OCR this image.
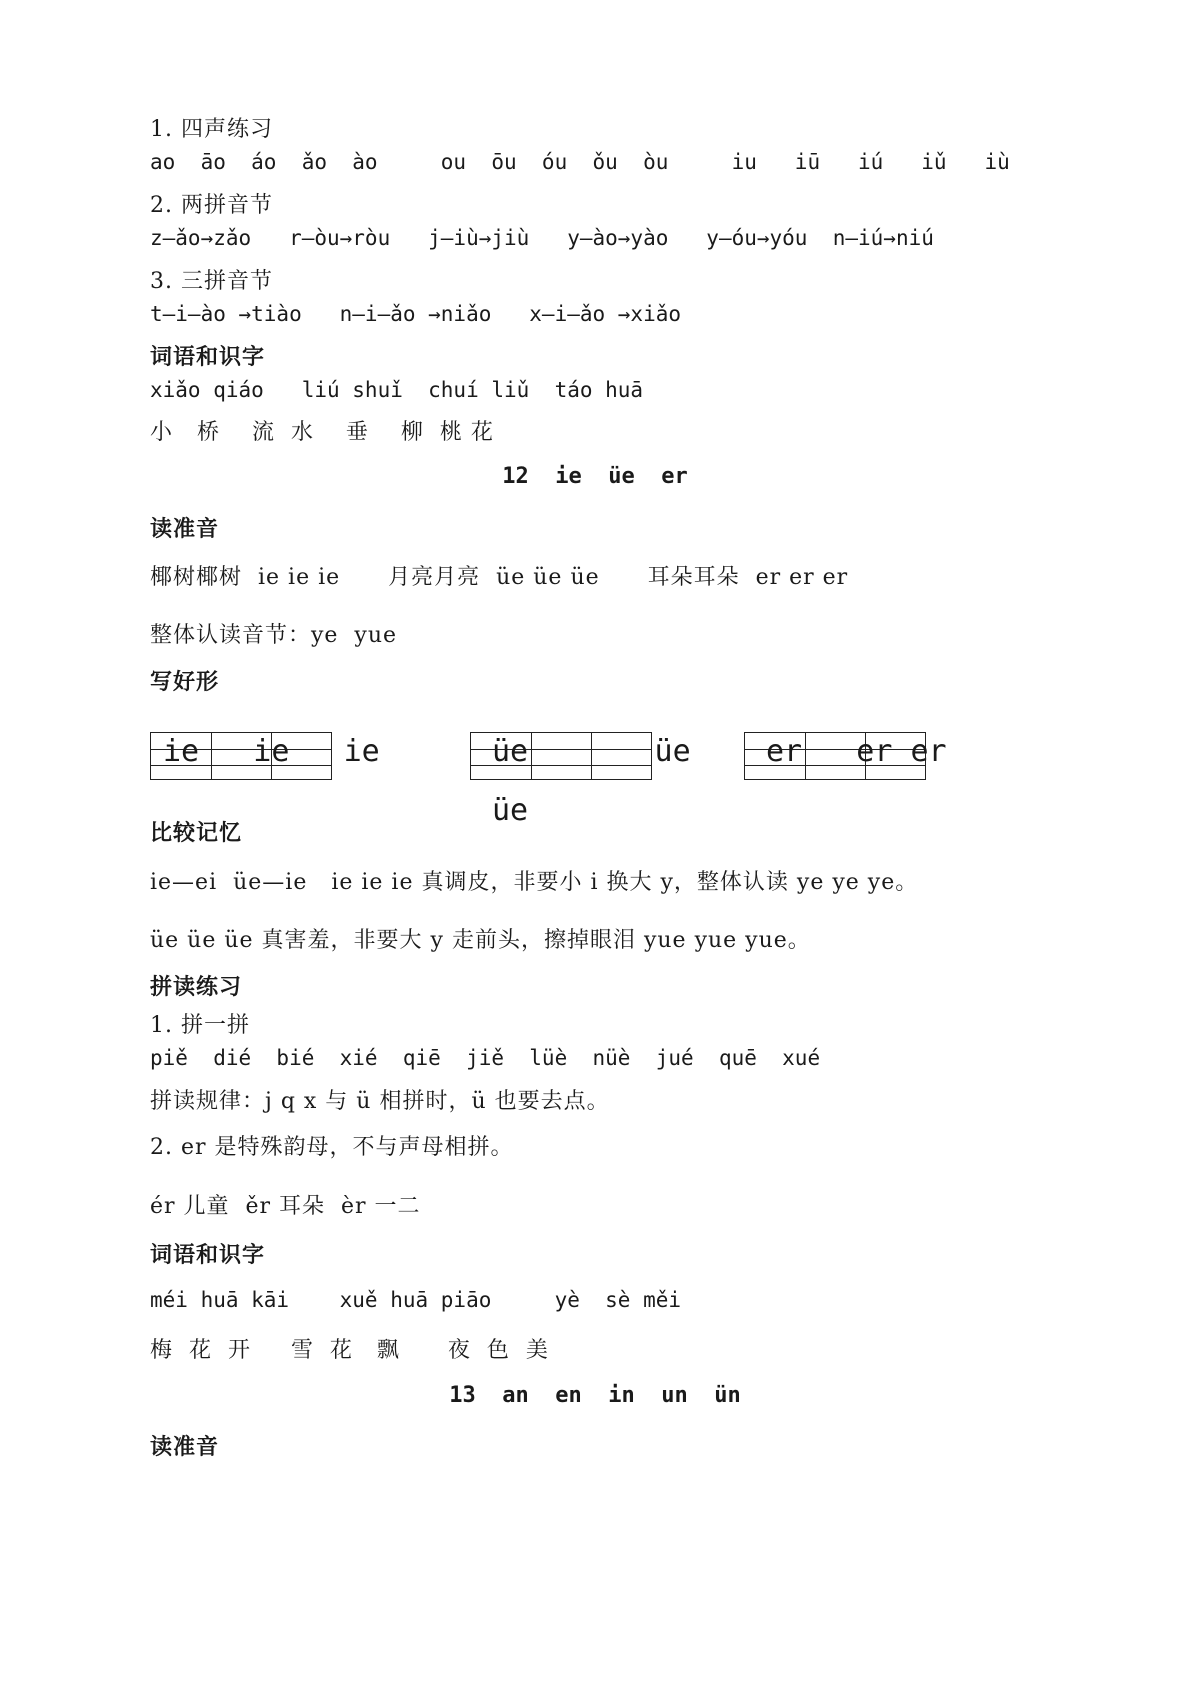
1. 四声练习
ao  āo  áo  ǎo  ào     ou  ōu  óu  ǒu  òu     iu   iū   iú   iǔ   iù
2. 两拼音节
z—ǎo→zǎo   r—òu→ròu   j—iù→jiù   y—ào→yào   y—óu→yóu  n—iú→niú
3. 三拼音节
t—i—ào →tiào   n—i—ǎo →niǎo   x—i—ǎo →xiǎo
词语和识字
xiǎo qiáo   liú shuǐ  chuí liǔ  táo huā
小   桥    流  水    垂    柳  桃 花
12  ie  üe  er
读准音
椰树椰树  ie ie ie      月亮月亮  üe üe üe      耳朵耳朵  er er er
整体认读音节：ye  yue
写好形
ie   ie   ie	üe       üe
üe
er   er er
比较记忆
ie—ei  üe—ie   ie ie ie 真调皮，非要小 i 换大 y，整体认读 ye ye ye。
üe üe üe 真害羞，非要大 y 走前头，擦掉眼泪 yue yue yue。
拼读练习
1. 拼一拼
piě  dié  bié  xié  qiē  jiě  lüè  nüè  jué  quē  xué
拼读规律：j q x 与 ü 相拼时，ü 也要去点。
2. er 是特殊韵母，不与声母相拼。
ér 儿童  ěr 耳朵  èr 一二
词语和识字
méi huā kāi    xuě huā piāo     yè  sè měi
梅  花  开     雪  花   飘      夜  色  美
13  an  en  in  un  ün
读准音
